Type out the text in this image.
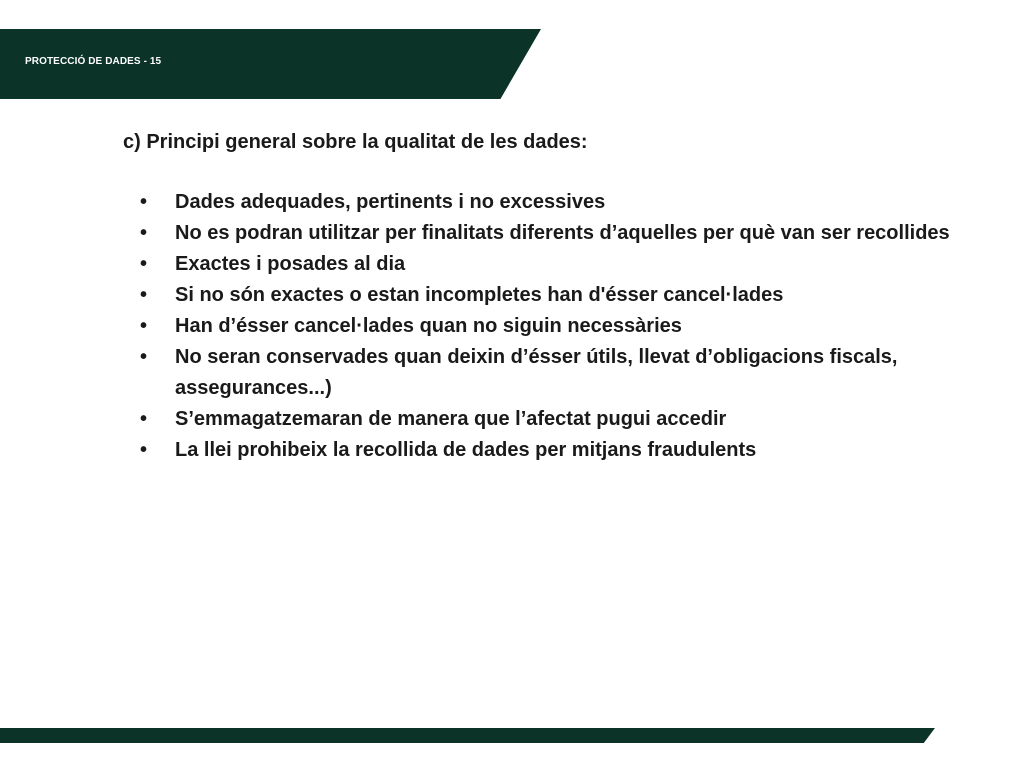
PROTECCIÓ DE DADES - 15
c) Principi general sobre la qualitat de les dades:
• Dades adequades, pertinents i no excessives
• No es podran utilitzar per finalitats diferents d’aquelles per què van ser recollides
• Exactes i posades al dia
• Si no són exactes o estan incompletes han d'ésser cancel·lades
• Han d’ésser cancel·lades quan no siguin necessàries
• No seran conservades quan deixin d’ésser útils, llevat d’obligacions fiscals, assegurances...)
• S’emmagatzemaran de manera que l’afectat pugui accedir
• La llei prohibeix la recollida de dades per mitjans fraudulents
